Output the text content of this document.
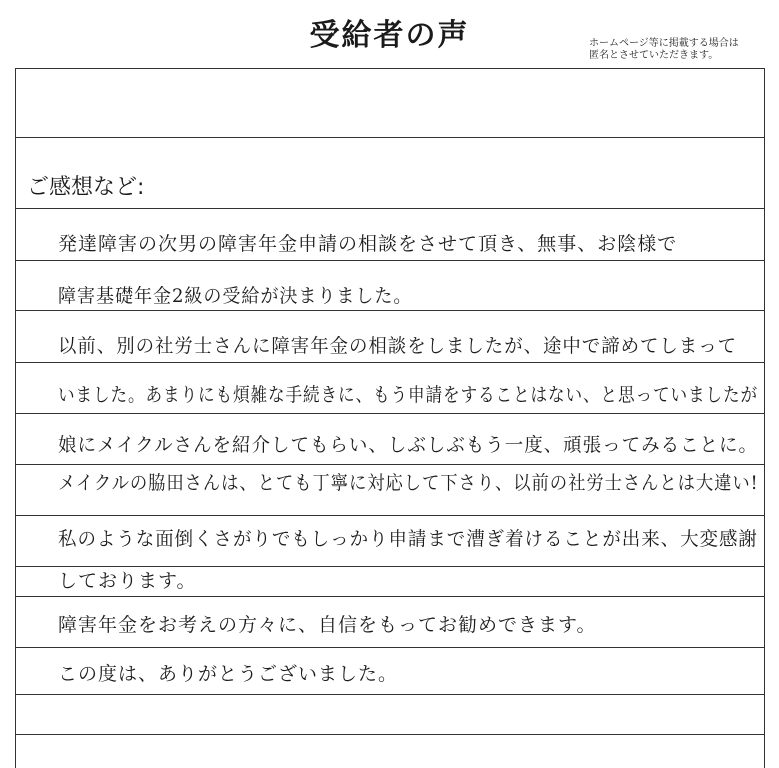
受給者の声	ホームページ等に掲載する場合は
匿名とさせていただきます。
ご感想など:
発達障害の次男の障害年金申請の相談をさせて頂き、無事、お陰様で
障害基礎年金2級の受給が決まりました。
以前、別の社労士さんに障害年金の相談をしましたが、途中で諦めてしまって
いました。あまりにも煩雑な手続きに、もう申請をすることはない、と思っていましたが
娘にメイクルさんを紹介してもらい、しぶしぶもう一度、頑張ってみることに。
メイクルの脇田さんは、とても丁寧に対応して下さり、以前の社労士さんとは大違い!
私のような面倒くさがりでもしっかり申請まで漕ぎ着けることが出来、大変感謝
しております。
障害年金をお考えの方々に、自信をもってお勧めできます。
この度は、ありがとうございました。
